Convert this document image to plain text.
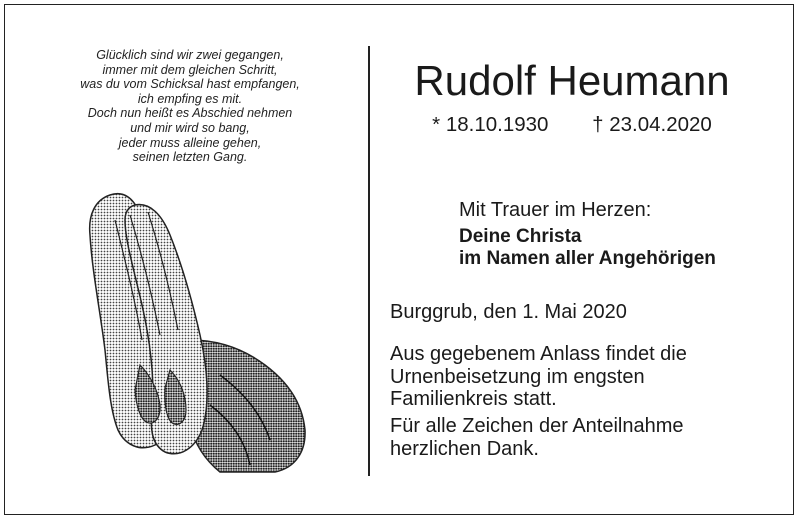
Glücklich sind wir zwei gegangen,
immer mit dem gleichen Schritt,
was du vom Schicksal hast empfangen,
ich empfing es mit.
Doch nun heißt es Abschied nehmen
und mir wird so bang,
jeder muss alleine gehen,
seinen letzten Gang.
Rudolf Heumann
* 18.10.1930 † 23.04.2020
Mit Trauer im Herzen:
Deine Christa
im Namen aller Angehörigen
Burggrub, den 1. Mai 2020
Aus gegebenem Anlass findet die
Urnenbeisetzung im engsten
Familienkreis statt.
Für alle Zeichen der Anteilnahme
herzlichen Dank.
